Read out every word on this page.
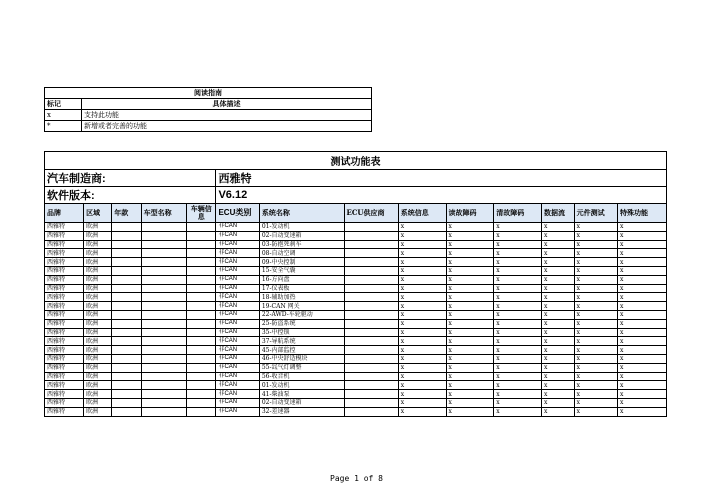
阅读指南	
标记	具体描述
x	支持此功能
*	新增或者完善的功能
测试功能表													
汽车制造商:					西雅特								
软件版本:					V6.12								
品牌	区域	年款	车型名称	车辆信息	ECU类别	系统名称	ECU供应商	系统信息	读故障码	清故障码	数据流	元件测试	特殊功能
西雅特	欧洲				非CAN	01-发动机		x	x	x	x	x	x
西雅特	欧洲				非CAN	02-自动变速箱		x	x	x	x	x	x
西雅特	欧洲				非CAN	03-防抱死刹车		x	x	x	x	x	x
西雅特	欧洲				非CAN	08-自动空调		x	x	x	x	x	x
西雅特	欧洲				非CAN	09-中央控制		x	x	x	x	x	x
西雅特	欧洲				非CAN	15-安全气囊		x	x	x	x	x	x
西雅特	欧洲				非CAN	16-方向盘		x	x	x	x	x	x
西雅特	欧洲				非CAN	17-仪表板		x	x	x	x	x	x
西雅特	欧洲				非CAN	18-辅助加热		x	x	x	x	x	x
西雅特	欧洲				非CAN	19-CAN 网关		x	x	x	x	x	x
西雅特	欧洲				非CAN	22-AWD-车轮驱动		x	x	x	x	x	x
西雅特	欧洲				非CAN	25-防盗系统		x	x	x	x	x	x
西雅特	欧洲				非CAN	35-中控锁		x	x	x	x	x	x
西雅特	欧洲				非CAN	37-导航系统		x	x	x	x	x	x
西雅特	欧洲				非CAN	45-内部监控		x	x	x	x	x	x
西雅特	欧洲				非CAN	46-中央舒适模块		x	x	x	x	x	x
西雅特	欧洲				非CAN	55-氙气灯调整		x	x	x	x	x	x
西雅特	欧洲				非CAN	56-收音机		x	x	x	x	x	x
西雅特	欧洲				非CAN	01-发动机		x	x	x	x	x	x
西雅特	欧洲				非CAN	41-柴油泵		x	x	x	x	x	x
西雅特	欧洲				非CAN	02-自动变速箱		x	x	x	x	x	x
西雅特	欧洲				非CAN	32-差速器		x	x	x	x	x	x
Page 1 of 8
